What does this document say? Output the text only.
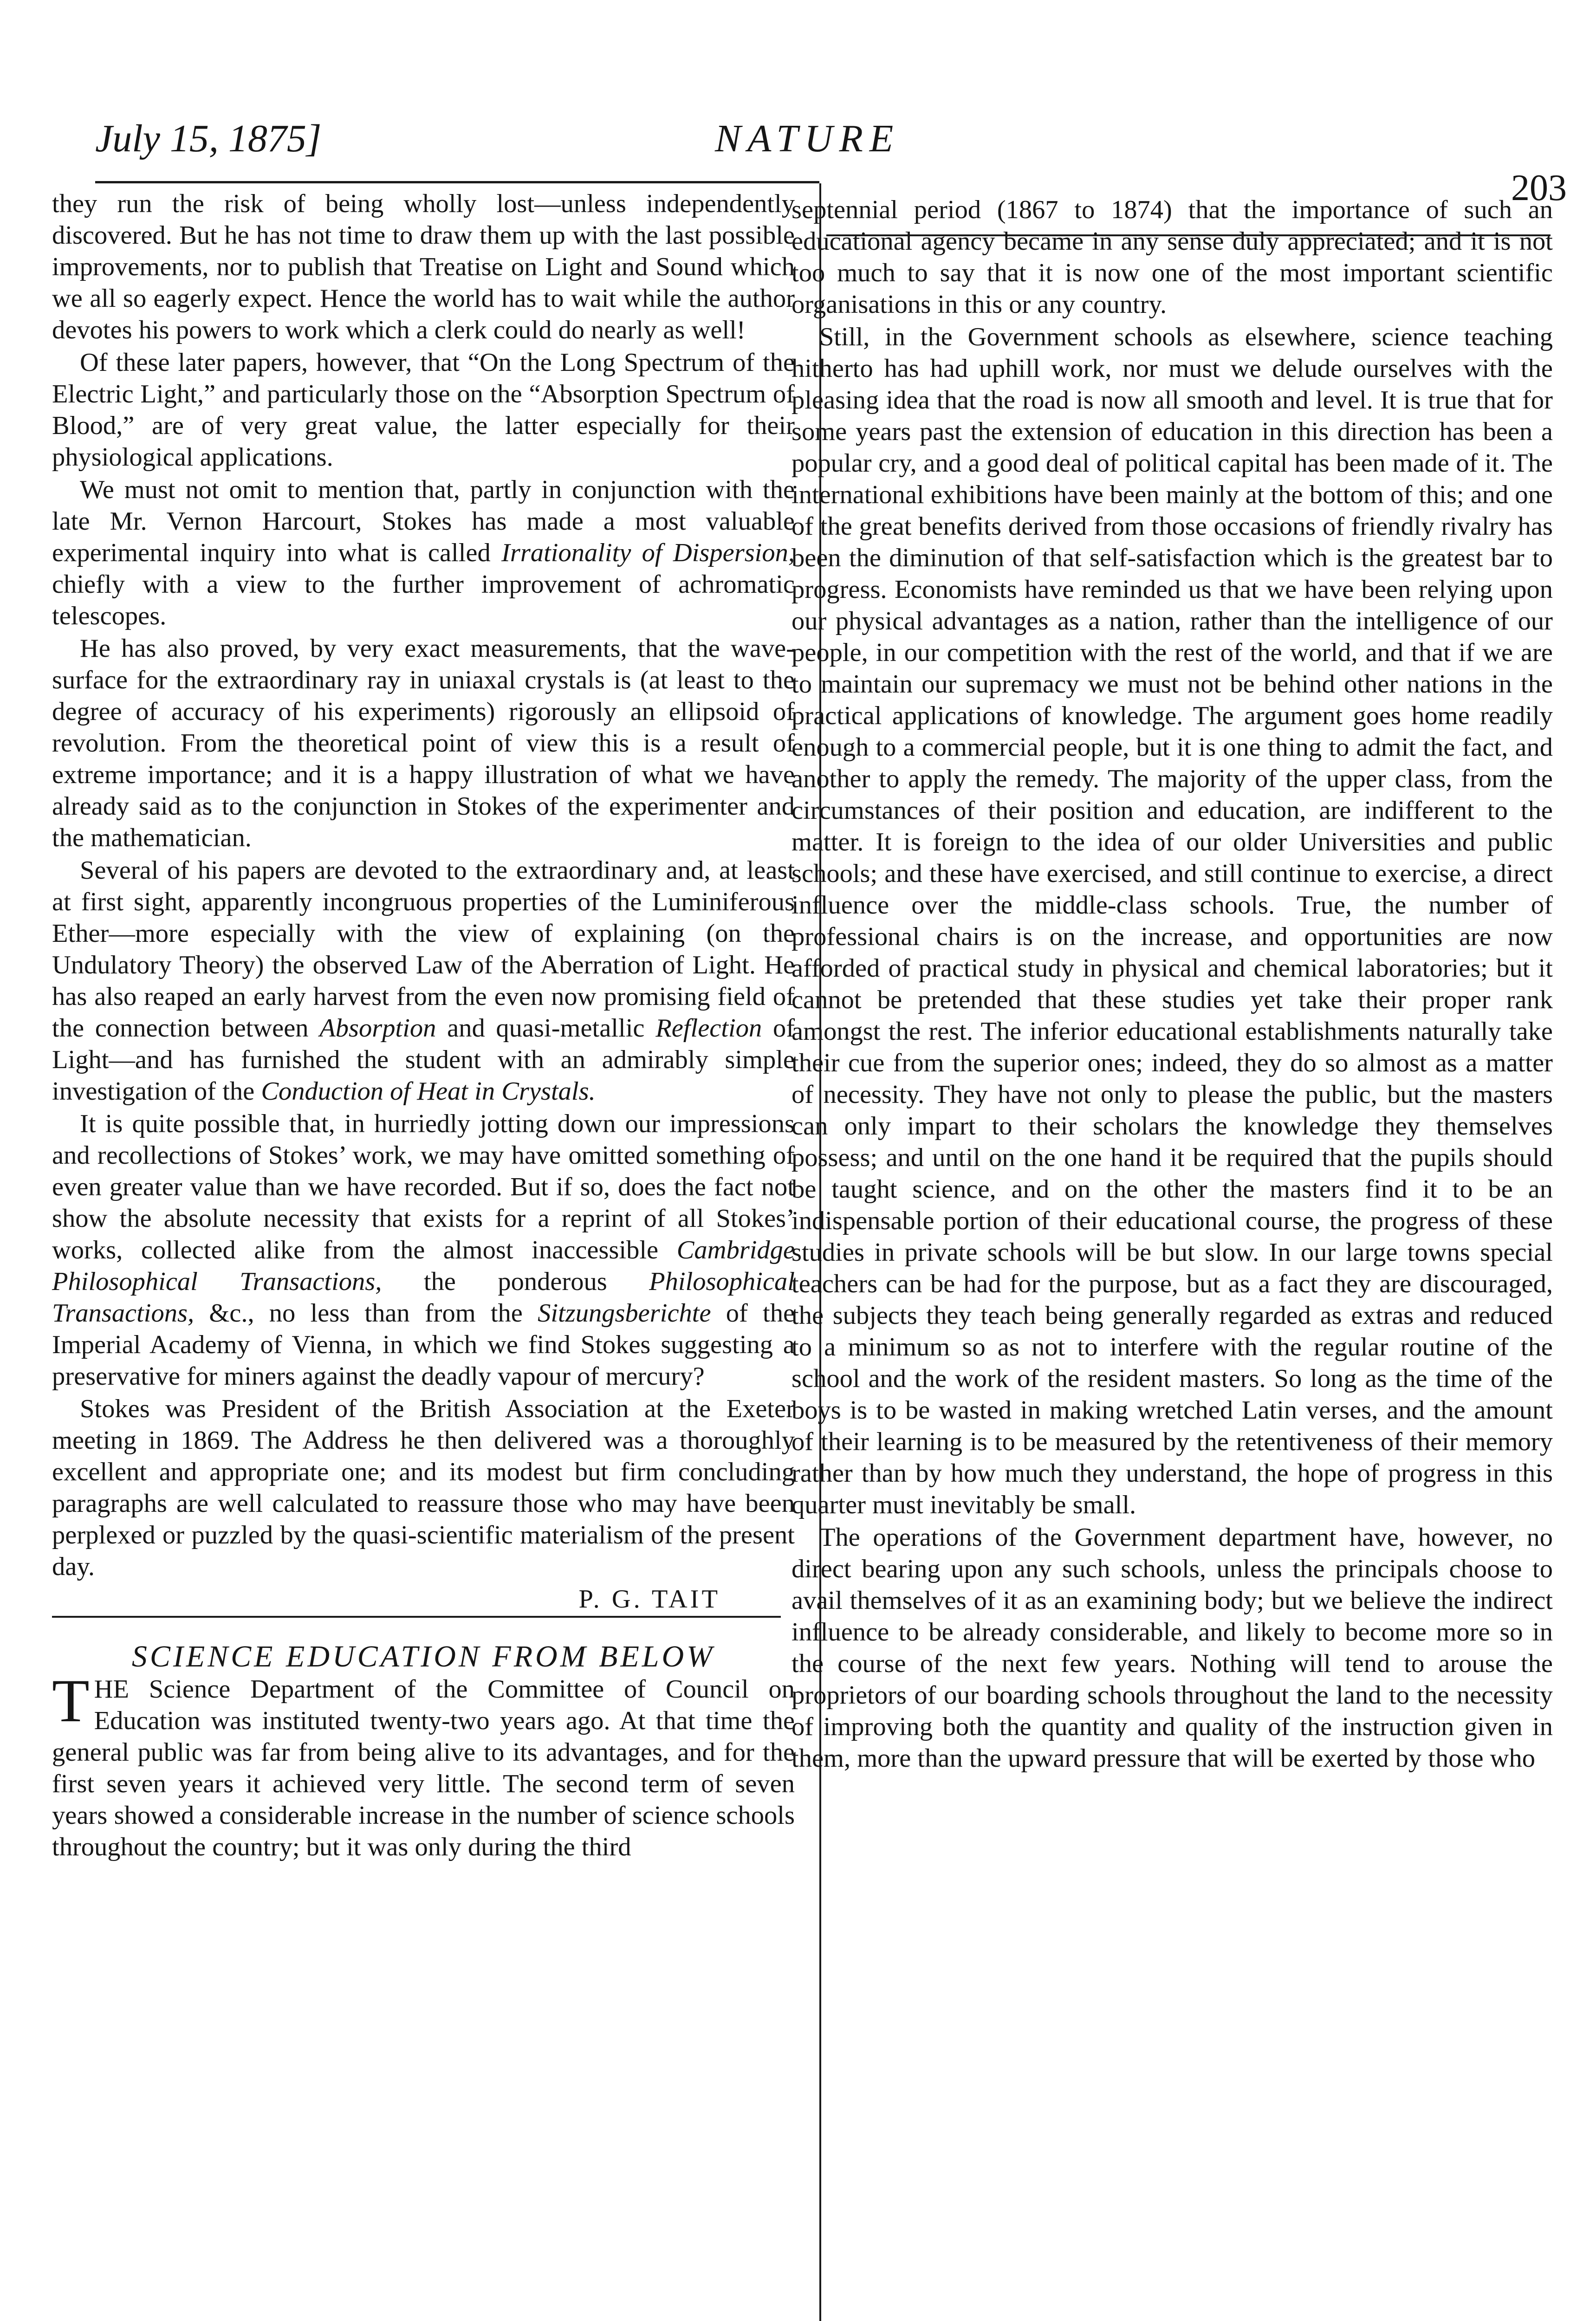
July 15, 1875]	NATURE
203

they run the risk of being wholly lost—unless independently discovered. But he has not time to draw them up with the last possible improvements, nor to publish that Treatise on Light and Sound which we all so eagerly expect. Hence the world has to wait while the author devotes his powers to work which a clerk could do nearly as well!

Of these later papers, however, that “On the Long Spectrum of the Electric Light,” and particularly those on the “Absorption Spectrum of Blood,” are of very great value, the latter especially for their physiological applications.

We must not omit to mention that, partly in conjunction with the late Mr. Vernon Harcourt, Stokes has made a most valuable experimental inquiry into what is called Irrationality of Dispersion, chiefly with a view to the further improvement of achromatic telescopes.

He has also proved, by very exact measurements, that the wave-surface for the extraordinary ray in uniaxal crystals is (at least to the degree of accuracy of his experiments) rigorously an ellipsoid of revolution. From the theoretical point of view this is a result of extreme importance; and it is a happy illustration of what we have already said as to the conjunction in Stokes of the experimenter and the mathematician.

Several of his papers are devoted to the extraordinary and, at least at first sight, apparently incongruous properties of the Luminiferous Ether—more especially with the view of explaining (on the Undulatory Theory) the observed Law of the Aberration of Light. He has also reaped an early harvest from the even now promising field of the connection between Absorption and quasi-metallic Reflection of Light—and has furnished the student with an admirably simple investigation of the Conduction of Heat in Crystals.

It is quite possible that, in hurriedly jotting down our impressions and recollections of Stokes’ work, we may have omitted something of even greater value than we have recorded. But if so, does the fact not show the absolute necessity that exists for a reprint of all Stokes’ works, collected alike from the almost inaccessible Cambridge Philosophical Transactions, the ponderous Philosophical Transactions, &c., no less than from the Sitzungsberichte of the Imperial Academy of Vienna, in which we find Stokes suggesting a preservative for miners against the deadly vapour of mercury?

Stokes was President of the British Association at the Exeter meeting in 1869. The Address he then delivered was a thoroughly excellent and appropriate one; and its modest but firm concluding paragraphs are well calculated to reassure those who may have been perplexed or puzzled by the quasi-scientific materialism of the present day.

P. G. TAIT

SCIENCE EDUCATION FROM BELOW

THE Science Department of the Committee of Council on Education was instituted twenty-two years ago. At that time the general public was far from being alive to its advantages, and for the first seven years it achieved very little. The second term of seven years showed a considerable increase in the number of science schools throughout the country; but it was only during the third

septennial period (1867 to 1874) that the importance of such an educational agency became in any sense duly appreciated; and it is not too much to say that it is now one of the most important scientific organisations in this or any country.

Still, in the Government schools as elsewhere, science teaching hitherto has had uphill work, nor must we delude ourselves with the pleasing idea that the road is now all smooth and level. It is true that for some years past the extension of education in this direction has been a popular cry, and a good deal of political capital has been made of it. The international exhibitions have been mainly at the bottom of this; and one of the great benefits derived from those occasions of friendly rivalry has been the diminution of that self-satisfaction which is the greatest bar to progress. Economists have reminded us that we have been relying upon our physical advantages as a nation, rather than the intelligence of our people, in our competition with the rest of the world, and that if we are to maintain our supremacy we must not be behind other nations in the practical applications of knowledge. The argument goes home readily enough to a commercial people, but it is one thing to admit the fact, and another to apply the remedy. The majority of the upper class, from the circumstances of their position and education, are indifferent to the matter. It is foreign to the idea of our older Universities and public schools; and these have exercised, and still continue to exercise, a direct influence over the middle-class schools. True, the number of professional chairs is on the increase, and opportunities are now afforded of practical study in physical and chemical laboratories; but it cannot be pretended that these studies yet take their proper rank amongst the rest. The inferior educational establishments naturally take their cue from the superior ones; indeed, they do so almost as a matter of necessity. They have not only to please the public, but the masters can only impart to their scholars the knowledge they themselves possess; and until on the one hand it be required that the pupils should be taught science, and on the other the masters find it to be an indispensable portion of their educational course, the progress of these studies in private schools will be but slow. In our large towns special teachers can be had for the purpose, but as a fact they are discouraged, the subjects they teach being generally regarded as extras and reduced to a minimum so as not to interfere with the regular routine of the school and the work of the resident masters. So long as the time of the boys is to be wasted in making wretched Latin verses, and the amount of their learning is to be measured by the retentiveness of their memory rather than by how much they understand, the hope of progress in this quarter must inevitably be small.

The operations of the Government department have, however, no direct bearing upon any such schools, unless the principals choose to avail themselves of it as an examining body; but we believe the indirect influence to be already considerable, and likely to become more so in the course of the next few years. Nothing will tend to arouse the proprietors of our boarding schools throughout the land to the necessity of improving both the quantity and quality of the instruction given in them, more than the upward pressure that will be exerted by those who
